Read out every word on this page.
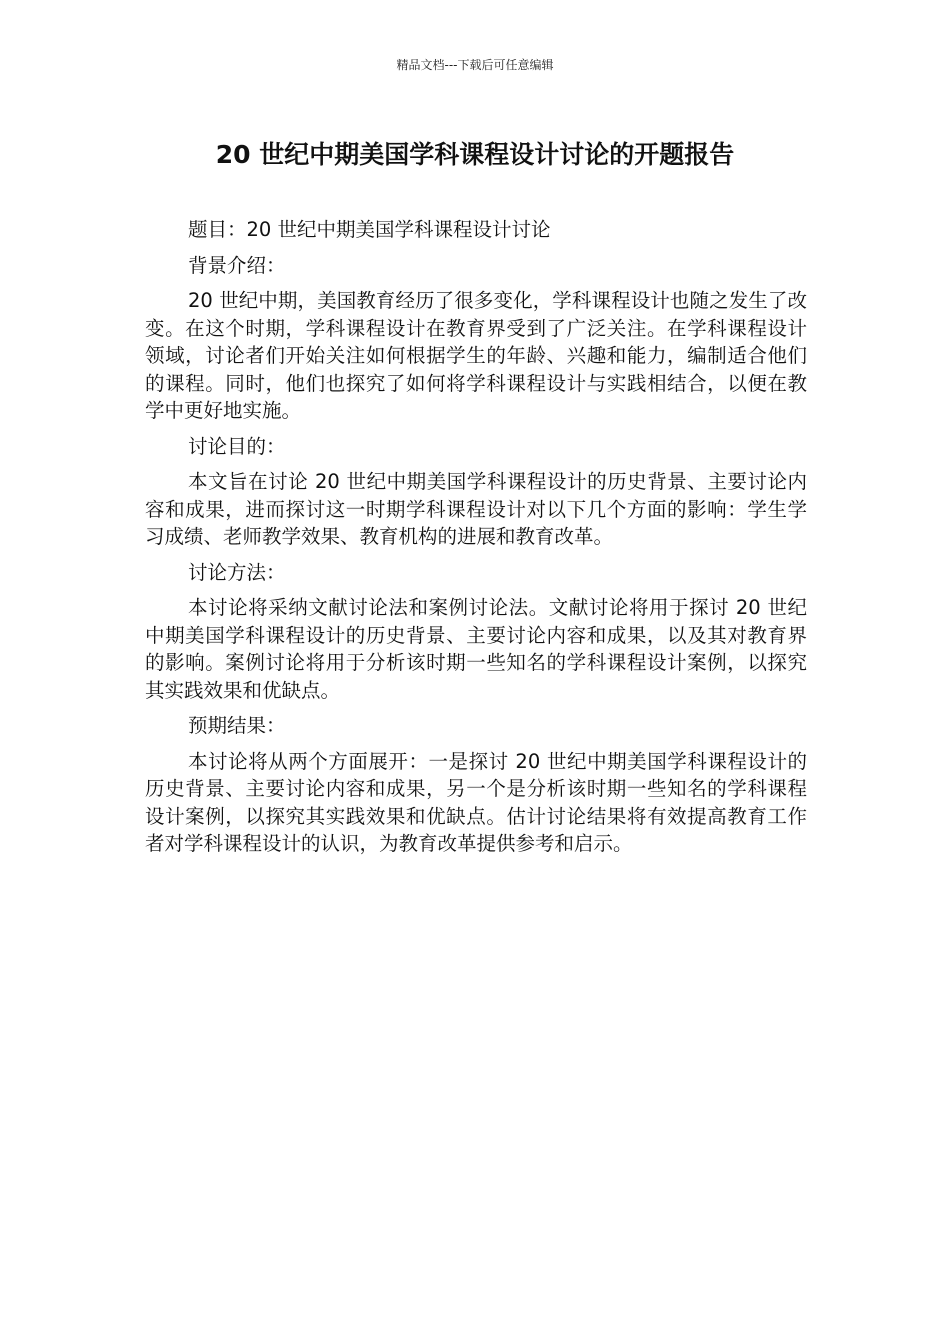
精品文档---下载后可任意编辑
20 世纪中期美国学科课程设计讨论的开题报告

题目：20 世纪中期美国学科课程设计讨论

背景介绍：

20 世纪中期，美国教育经历了很多变化，学科课程设计也随之发生了改变。在这个时期，学科课程设计在教育界受到了广泛关注。在学科课程设计领域，讨论者们开始关注如何根据学生的年龄、兴趣和能力，编制适合他们的课程。同时，他们也探究了如何将学科课程设计与实践相结合，以便在教学中更好地实施。

讨论目的：

本文旨在讨论 20 世纪中期美国学科课程设计的历史背景、主要讨论内容和成果，进而探讨这一时期学科课程设计对以下几个方面的影响：学生学习成绩、老师教学效果、教育机构的进展和教育改革。

讨论方法：

本讨论将采纳文献讨论法和案例讨论法。文献讨论将用于探讨 20 世纪中期美国学科课程设计的历史背景、主要讨论内容和成果，以及其对教育界的影响。案例讨论将用于分析该时期一些知名的学科课程设计案例，以探究其实践效果和优缺点。

预期结果：

本讨论将从两个方面展开：一是探讨 20 世纪中期美国学科课程设计的历史背景、主要讨论内容和成果，另一个是分析该时期一些知名的学科课程设计案例，以探究其实践效果和优缺点。估计讨论结果将有效提高教育工作者对学科课程设计的认识，为教育改革提供参考和启示。
